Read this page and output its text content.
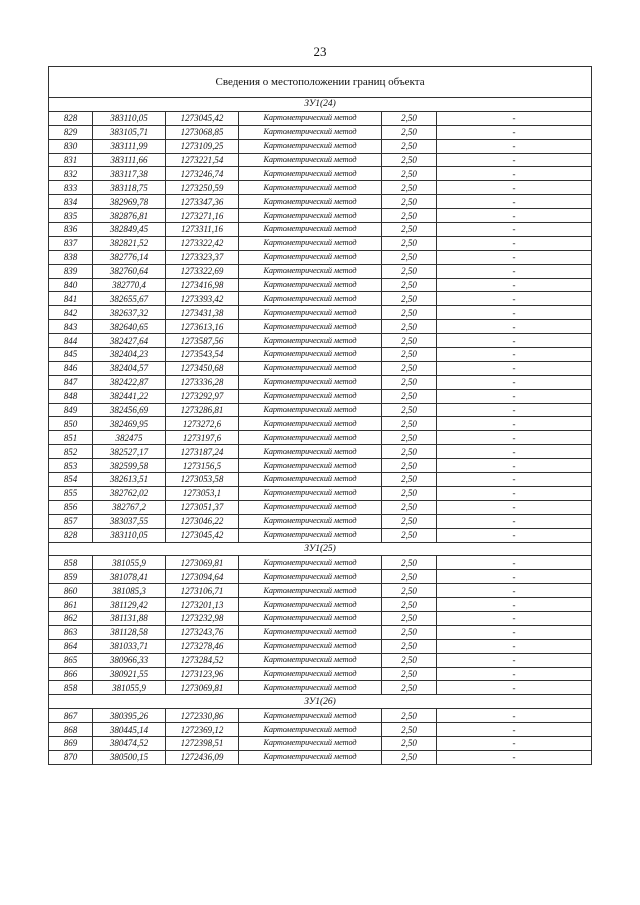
23
Сведения о местоположении границ объекта					
ЗУ1(24)					
828	383110,05	1273045,42	Картометрический метод	2,50	-
829	383105,71	1273068,85	Картометрический метод	2,50	-
830	383111,99	1273109,25	Картометрический метод	2,50	-
831	383111,66	1273221,54	Картометрический метод	2,50	-
832	383117,38	1273246,74	Картометрический метод	2,50	-
833	383118,75	1273250,59	Картометрический метод	2,50	-
834	382969,78	1273347,36	Картометрический метод	2,50	-
835	382876,81	1273271,16	Картометрический метод	2,50	-
836	382849,45	1273311,16	Картометрический метод	2,50	-
837	382821,52	1273322,42	Картометрический метод	2,50	-
838	382776,14	1273323,37	Картометрический метод	2,50	-
839	382760,64	1273322,69	Картометрический метод	2,50	-
840	382770,4	1273416,98	Картометрический метод	2,50	-
841	382655,67	1273393,42	Картометрический метод	2,50	-
842	382637,32	1273431,38	Картометрический метод	2,50	-
843	382640,65	1273613,16	Картометрический метод	2,50	-
844	382427,64	1273587,56	Картометрический метод	2,50	-
845	382404,23	1273543,54	Картометрический метод	2,50	-
846	382404,57	1273450,68	Картометрический метод	2,50	-
847	382422,87	1273336,28	Картометрический метод	2,50	-
848	382441,22	1273292,97	Картометрический метод	2,50	-
849	382456,69	1273286,81	Картометрический метод	2,50	-
850	382469,95	1273272,6	Картометрический метод	2,50	-
851	382475	1273197,6	Картометрический метод	2,50	-
852	382527,17	1273187,24	Картометрический метод	2,50	-
853	382599,58	1273156,5	Картометрический метод	2,50	-
854	382613,51	1273053,58	Картометрический метод	2,50	-
855	382762,02	1273053,1	Картометрический метод	2,50	-
856	382767,2	1273051,37	Картометрический метод	2,50	-
857	383037,55	1273046,22	Картометрический метод	2,50	-
828	383110,05	1273045,42	Картометрический метод	2,50	-
ЗУ1(25)					
858	381055,9	1273069,81	Картометрический метод	2,50	-
859	381078,41	1273094,64	Картометрический метод	2,50	-
860	381085,3	1273106,71	Картометрический метод	2,50	-
861	381129,42	1273201,13	Картометрический метод	2,50	-
862	381131,88	1273232,98	Картометрический метод	2,50	-
863	381128,58	1273243,76	Картометрический метод	2,50	-
864	381033,71	1273278,46	Картометрический метод	2,50	-
865	380966,33	1273284,52	Картометрический метод	2,50	-
866	380921,55	1273123,96	Картометрический метод	2,50	-
858	381055,9	1273069,81	Картометрический метод	2,50	-
ЗУ1(26)					
867	380395,26	1272330,86	Картометрический метод	2,50	-
868	380445,14	1272369,12	Картометрический метод	2,50	-
869	380474,52	1272398,51	Картометрический метод	2,50	-
870	380500,15	1272436,09	Картометрический метод	2,50	-
